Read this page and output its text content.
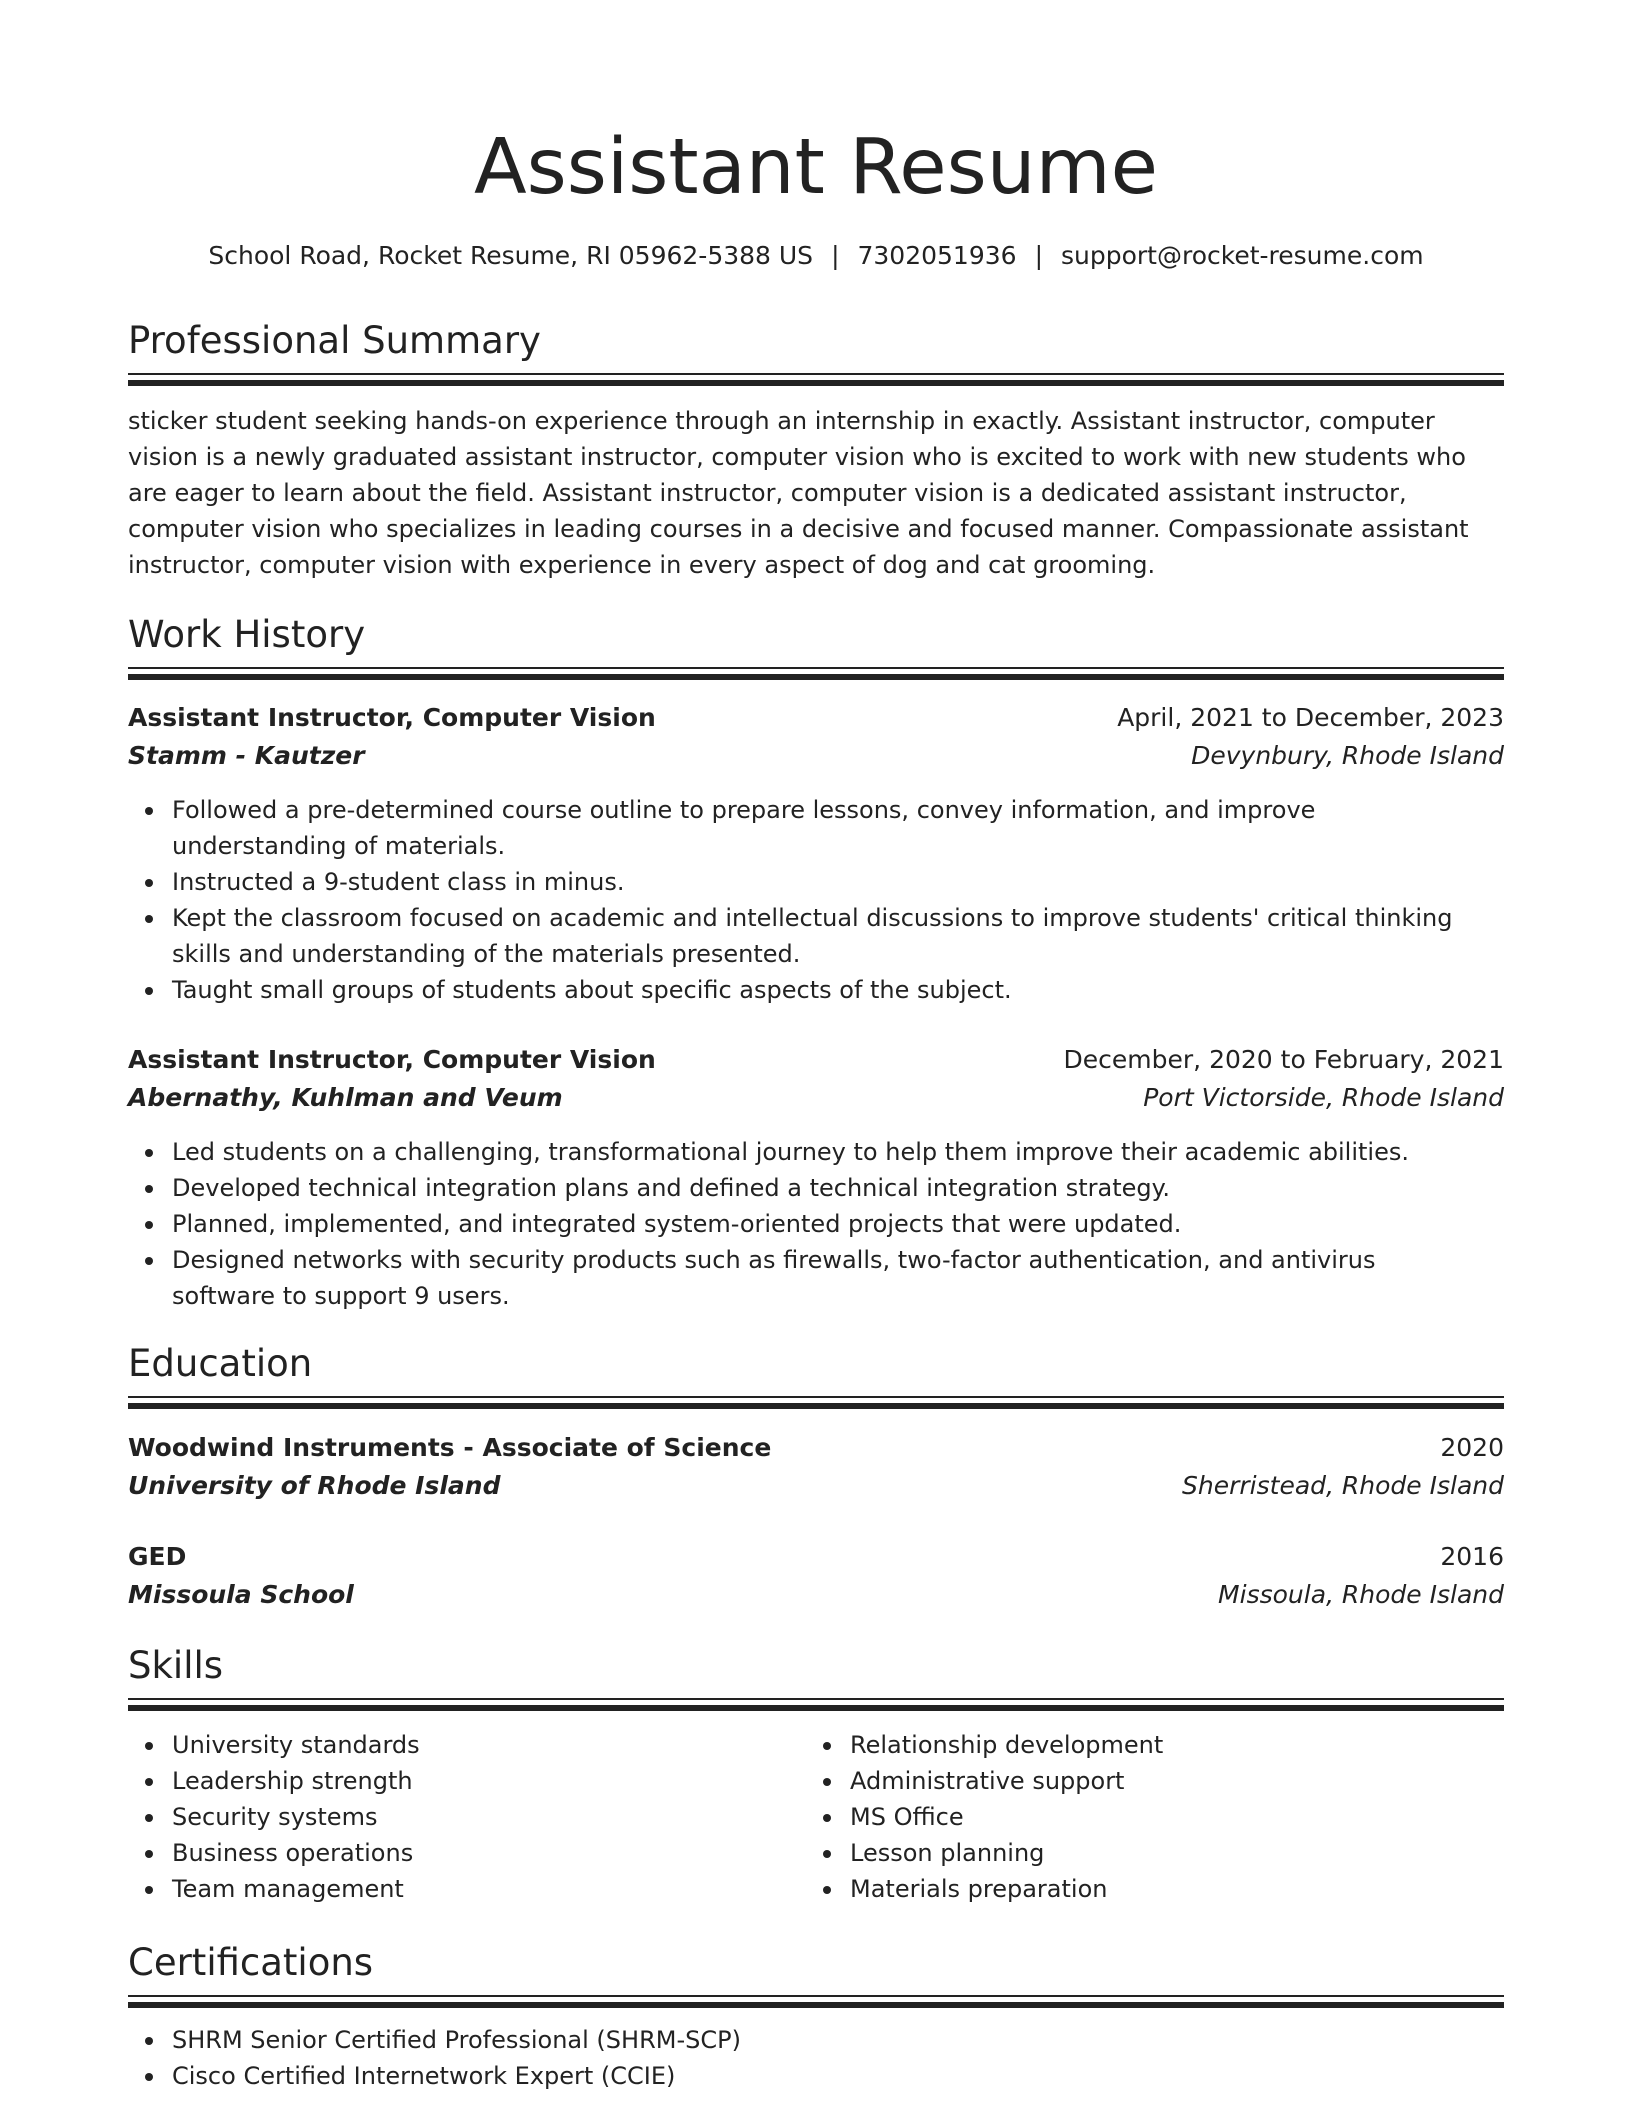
Assistant Resume
School Road, Rocket Resume, RI 05962-5388 US | 7302051936 | support@rocket-resume.com
Professional Summary
sticker student seeking hands-on experience through an internship in exactly. Assistant instructor, computer vision is a newly graduated assistant instructor, computer vision who is excited to work with new students who are eager to learn about the field. Assistant instructor, computer vision is a dedicated assistant instructor, computer vision who specializes in leading courses in a decisive and focused manner. Compassionate assistant instructor, computer vision with experience in every aspect of dog and cat grooming.
Work History
Assistant Instructor, Computer Vision	April, 2021 to December, 2023
Stamm - Kautzer	Devynbury, Rhode Island
Followed a pre-determined course outline to prepare lessons, convey information, and improve understanding of materials.
Instructed a 9-student class in minus.
Kept the classroom focused on academic and intellectual discussions to improve students' critical thinking skills and understanding of the materials presented.
Taught small groups of students about specific aspects of the subject.
Assistant Instructor, Computer Vision	December, 2020 to February, 2021
Abernathy, Kuhlman and Veum	Port Victorside, Rhode Island
Led students on a challenging, transformational journey to help them improve their academic abilities.
Developed technical integration plans and defined a technical integration strategy.
Planned, implemented, and integrated system-oriented projects that were updated.
Designed networks with security products such as firewalls, two-factor authentication, and antivirus software to support 9 users.
Education
Woodwind Instruments - Associate of Science	2020
University of Rhode Island	Sherristead, Rhode Island
GED	2016
Missoula School	Missoula, Rhode Island
Skills
University standards
Leadership strength
Security systems
Business operations
Team management
Relationship development
Administrative support
MS Office
Lesson planning
Materials preparation
Certifications
SHRM Senior Certified Professional (SHRM-SCP)
Cisco Certified Internetwork Expert (CCIE)
